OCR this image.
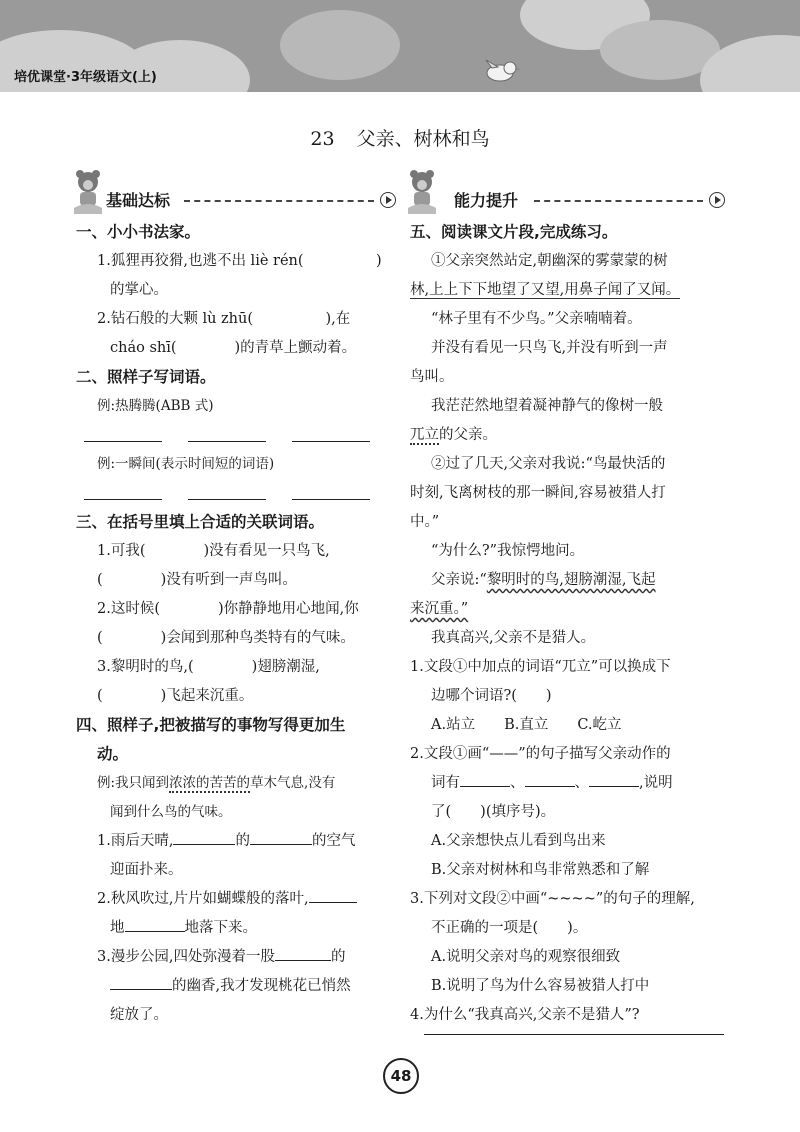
培优课堂·3年级语文(上)
23 父亲、树林和鸟
基础达标
一、小小书法家。
1.狐狸再狡猾,也逃不出 liè rén(　　　　　)
的掌心。
2.钻石般的大颗 lù zhū(　　　　　),在
cháo shī(　　　　)的青草上颤动着。
二、照样子写词语。
例:热腾腾(ABB 式)
例:一瞬间(表示时间短的词语)
三、在括号里填上合适的关联词语。
1.可我(　　　　)没有看见一只鸟飞,
(　　　　)没有听到一声鸟叫。
2.这时候(　　　　)你静静地用心地闻,你
(　　　　)会闻到那种鸟类特有的气味。
3.黎明时的鸟,(　　　　)翅膀潮湿,
(　　　　)飞起来沉重。
四、照样子,把被描写的事物写得更加生
动。
例:我只闻到浓浓的苦苦的草木气息,没有
闻到什么鸟的气味。
1.雨后天晴,	的	的空气
迎面扑来。
2.秋风吹过,片片如蝴蝶般的落叶,
地	地落下来。
3.漫步公园,四处弥漫着一股	的
的幽香,我才发现桃花已悄然
绽放了。
能力提升
五、阅读课文片段,完成练习。
①父亲突然站定,朝幽深的雾蒙蒙的树
林,上上下下地望了又望,用鼻子闻了又闻。
“林子里有不少鸟。”父亲喃喃着。
并没有看见一只鸟飞,并没有听到一声
鸟叫。
我茫茫然地望着凝神静气的像树一般
兀立的父亲。
②过了几天,父亲对我说:“鸟最快活的
时刻,飞离树枝的那一瞬间,容易被猎人打
中。”
“为什么?”我惊愕地问。
父亲说:“黎明时的鸟,翅膀潮湿,飞起
来沉重。”
我真高兴,父亲不是猎人。
1.文段①中加点的词语“兀立”可以换成下
边哪个词语?(　　)
A.站立　　B.直立　　C.屹立
2.文段①画“——”的句子描写父亲动作的
词有	、	、	,说明
了(　　)(填序号)。
A.父亲想快点儿看到鸟出来
B.父亲对树林和鸟非常熟悉和了解
3.下列对文段②中画“~~~~”的句子的理解,
不正确的一项是(　　)。
A.说明父亲对鸟的观察很细致
B.说明了鸟为什么容易被猎人打中
4.为什么“我真高兴,父亲不是猎人”?
48
